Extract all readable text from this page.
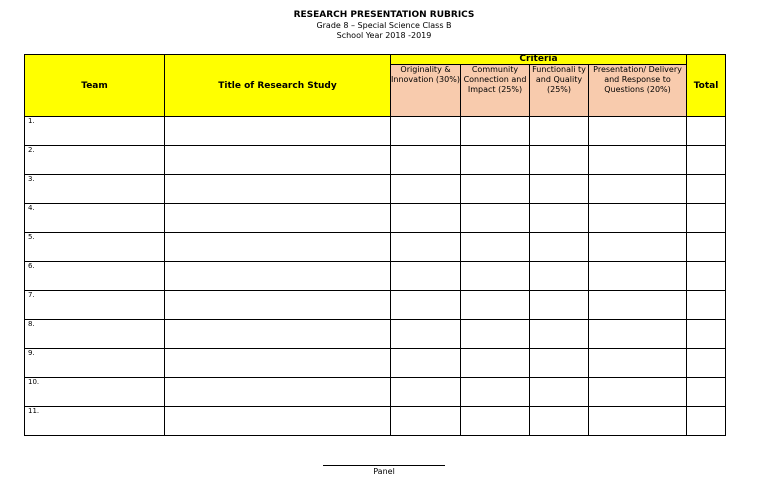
RESEARCH PRESENTATION RUBRICS
Grade 8 – Special Science Class B
School Year 2018 -2019
Team	Title of Research Study	Criteria				Total
		Originality & Innovation (30%)	Community Connection and Impact (25%)	Functionali ty and Quality (25%)	Presentation/ Delivery and Response to Questions (20%)	
1.						
2.						
3.						
4.						
5.						
6.						
7.						
8.						
9.						
10.						
11.						
Panel
